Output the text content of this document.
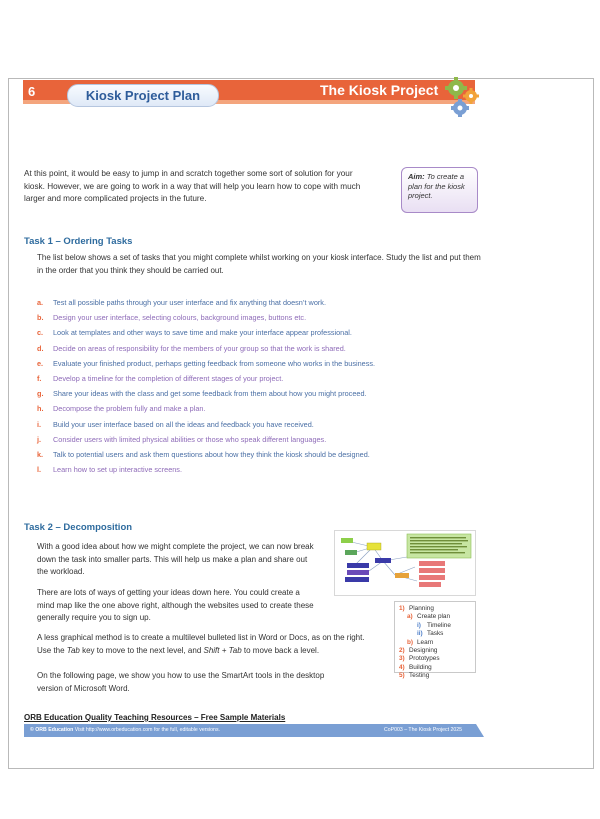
6	Kiosk Project Plan	The Kiosk Project
At this point, it would be easy to jump in and scratch together some sort of solution for your kiosk. However, we are going to work in a way that will help you learn how to cope with much larger and more complicated projects in the future.
Aim: To create a plan for the kiosk project.
Task 1 – Ordering Tasks
The list below shows a set of tasks that you might complete whilst working on your kiosk interface. Study the list and put them in the order that you think they should be carried out.
a. Test all possible paths through your user interface and fix anything that doesn’t work.
b. Design your user interface, selecting colours, background images, buttons etc.
c. Look at templates and other ways to save time and make your interface appear professional.
d. Decide on areas of responsibility for the members of your group so that the work is shared.
e. Evaluate your finished product, perhaps getting feedback from someone who works in the business.
f. Develop a timeline for the completion of different stages of your project.
g. Share your ideas with the class and get some feedback from them about how you might proceed.
h. Decompose the problem fully and make a plan.
i. Build your user interface based on all the ideas and feedback you have received.
j. Consider users with limited physical abilities or those who speak different languages.
k. Talk to potential users and ask them questions about how they think the kiosk should be designed.
l. Learn how to set up interactive screens.
Task 2 – Decomposition
With a good idea about how we might complete the project, we can now break down the task into smaller parts. This will help us make a plan and share out the workload.
There are lots of ways of getting your ideas down here. You could create a mind map like the one above right, although the websites used to create these generally require you to sign up.
A less graphical method is to create a multilevel bulleted list in Word or Docs, as on the right. Use the Tab key to move to the next level, and Shift + Tab to move back a level.
On the following page, we show you how to use the SmartArt tools in the desktop version of Microsoft Word.
1) Planning
a) Create plan
i) Timeline
ii) Tasks
b) Learn
2) Designing
3) Prototypes
4) Building
5) Testing
ORB Education Quality Teaching Resources – Free Sample Materials
© ORB Education Visit http://www.orbeducation.com for the full, editable versions.	CoP003 – The Kiosk Project 2025
